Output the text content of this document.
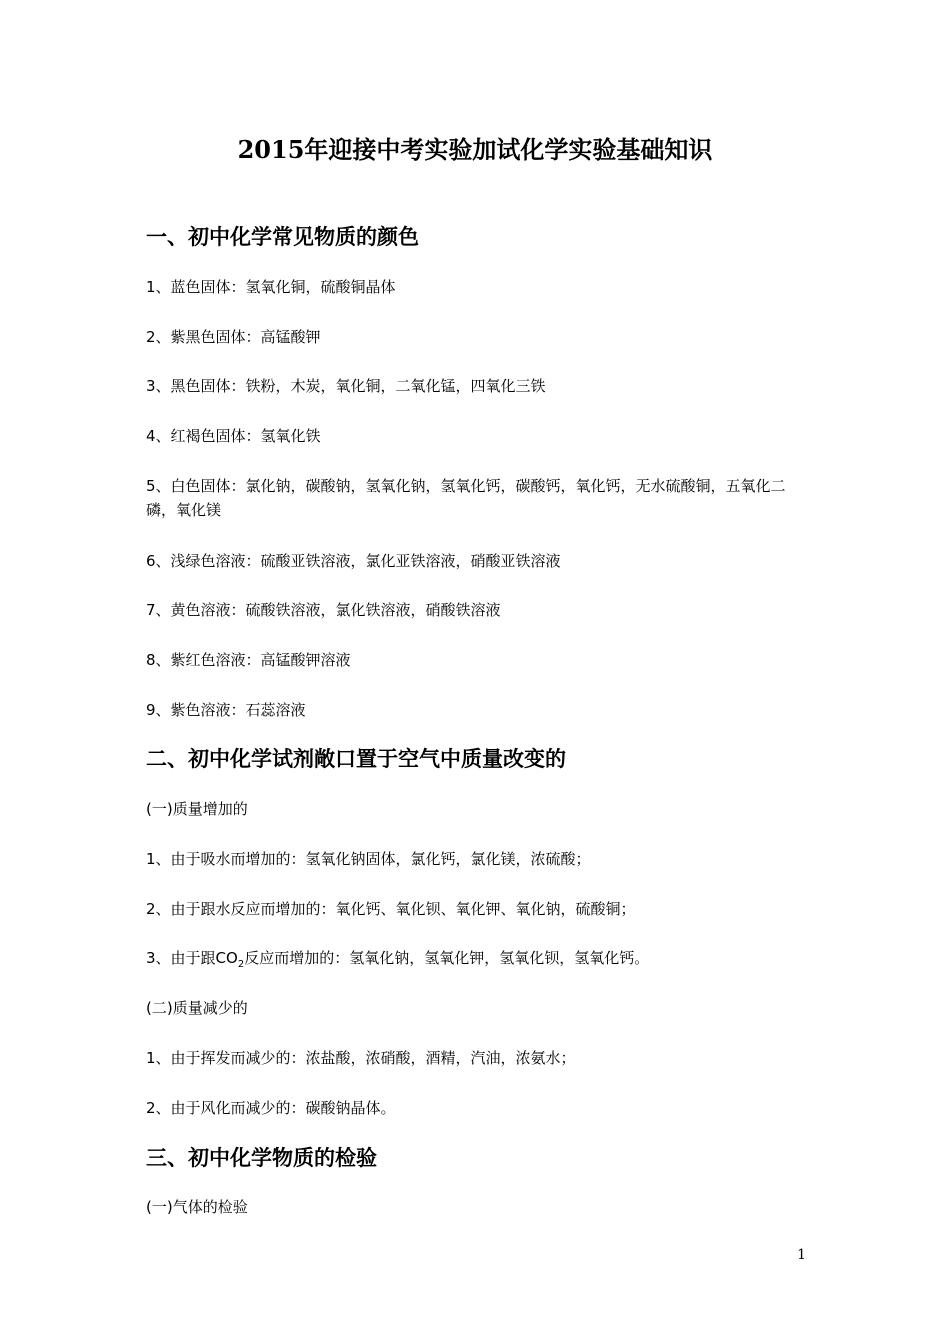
2015年迎接中考实验加试化学实验基础知识
一、初中化学常见物质的颜色

1、蓝色固体：氢氧化铜，硫酸铜晶体

2、紫黑色固体：高锰酸钾

3、黑色固体：铁粉，木炭，氧化铜，二氧化锰，四氧化三铁

4、红褐色固体：氢氧化铁

5、白色固体：氯化钠，碳酸钠，氢氧化钠，氢氧化钙，碳酸钙，氧化钙，无水硫酸铜，五氧化二磷，氧化镁

6、浅绿色溶液：硫酸亚铁溶液，氯化亚铁溶液，硝酸亚铁溶液

7、黄色溶液：硫酸铁溶液，氯化铁溶液，硝酸铁溶液

8、紫红色溶液：高锰酸钾溶液

9、紫色溶液：石蕊溶液

二、初中化学试剂敞口置于空气中质量改变的

(一)质量增加的

1、由于吸水而增加的：氢氧化钠固体，氯化钙，氯化镁，浓硫酸；

2、由于跟水反应而增加的：氧化钙、氧化钡、氧化钾、氧化钠，硫酸铜；

3、由于跟$CO_2$反应而增加的：氢氧化钠，氢氧化钾，氢氧化钡，氢氧化钙。

(二)质量减少的

1、由于挥发而减少的：浓盐酸，浓硝酸，酒精，汽油，浓氨水；

2、由于风化而减少的：碳酸钠晶体。

三、初中化学物质的检验

(一)气体的检验

1
